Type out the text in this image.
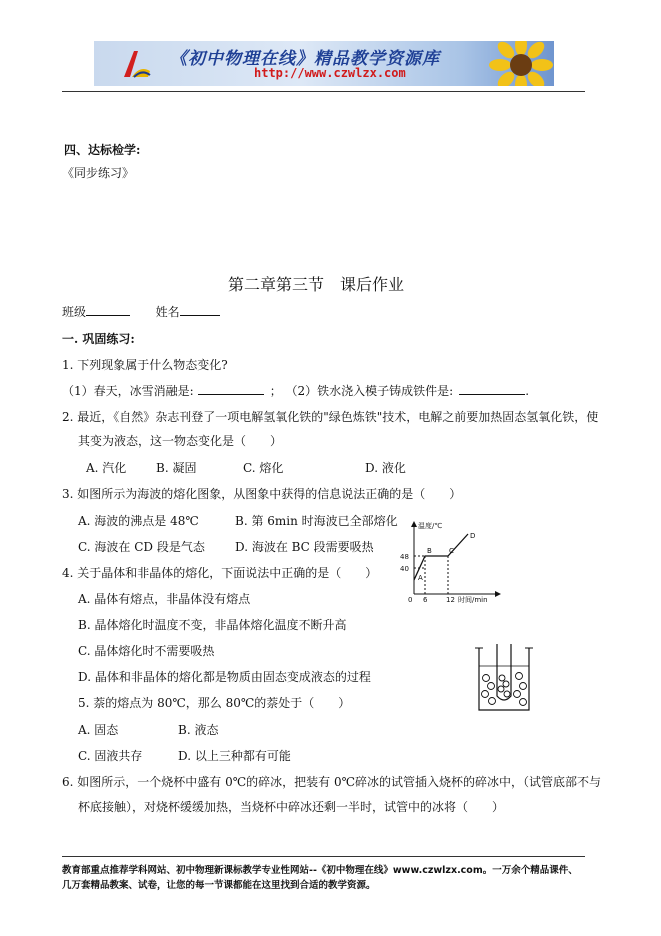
《初中物理在线》精品教学资源库
http://www.czwlzx.com
四、达标检学:
《同步练习》
第二章第三节　课后作业
班级	姓名
一. 巩固练习:
1. 下列现象属于什么物态变化?
（1）春天，冰雪消融是:	； （2）铁水浇入模子铸成铁件是:	.
2. 最近，《自然》杂志刊登了一项电解氢氧化铁的"绿色炼铁"技术，电解之前要加热固态氢氧化铁，使
其变为液态，这一物态变化是（　　）
A. 汽化 B. 凝固	C. 熔化	D. 液化
3. 如图所示为海波的熔化图象，从图象中获得的信息说法正确的是（　　）
A. 海波的沸点是 48℃	B. 第 6min 时海波已全部熔化
C. 海波在 CD 段是气态	D. 海波在 BC 段需要吸热
温度/℃
48
40
0 6	12 时间/min
A
B C
D
4. 关于晶体和非晶体的熔化，下面说法中正确的是（　　）
A. 晶体有熔点，非晶体没有熔点
B. 晶体熔化时温度不变，非晶体熔化温度不断升高
C. 晶体熔化时不需要吸热
D. 晶体和非晶体的熔化都是物质由固态变成液态的过程
5. 萘的熔点为 80℃，那么 80℃的萘处于（　　）
A. 固态	B. 液态
C. 固液共存	D. 以上三种都有可能
6. 如图所示，一个烧杯中盛有 0℃的碎冰，把装有 0℃碎冰的试管插入烧杯的碎冰中，（试管底部不与
杯底接触），对烧杯缓缓加热，当烧杯中碎冰还剩一半时，试管中的冰将（　　）
教育部重点推荐学科网站、初中物理新课标教学专业性网站--《初中物理在线》www.czwlzx.com。一万余个精品课件、
几万套精品教案、试卷，让您的每一节课都能在这里找到合适的教学资源。
